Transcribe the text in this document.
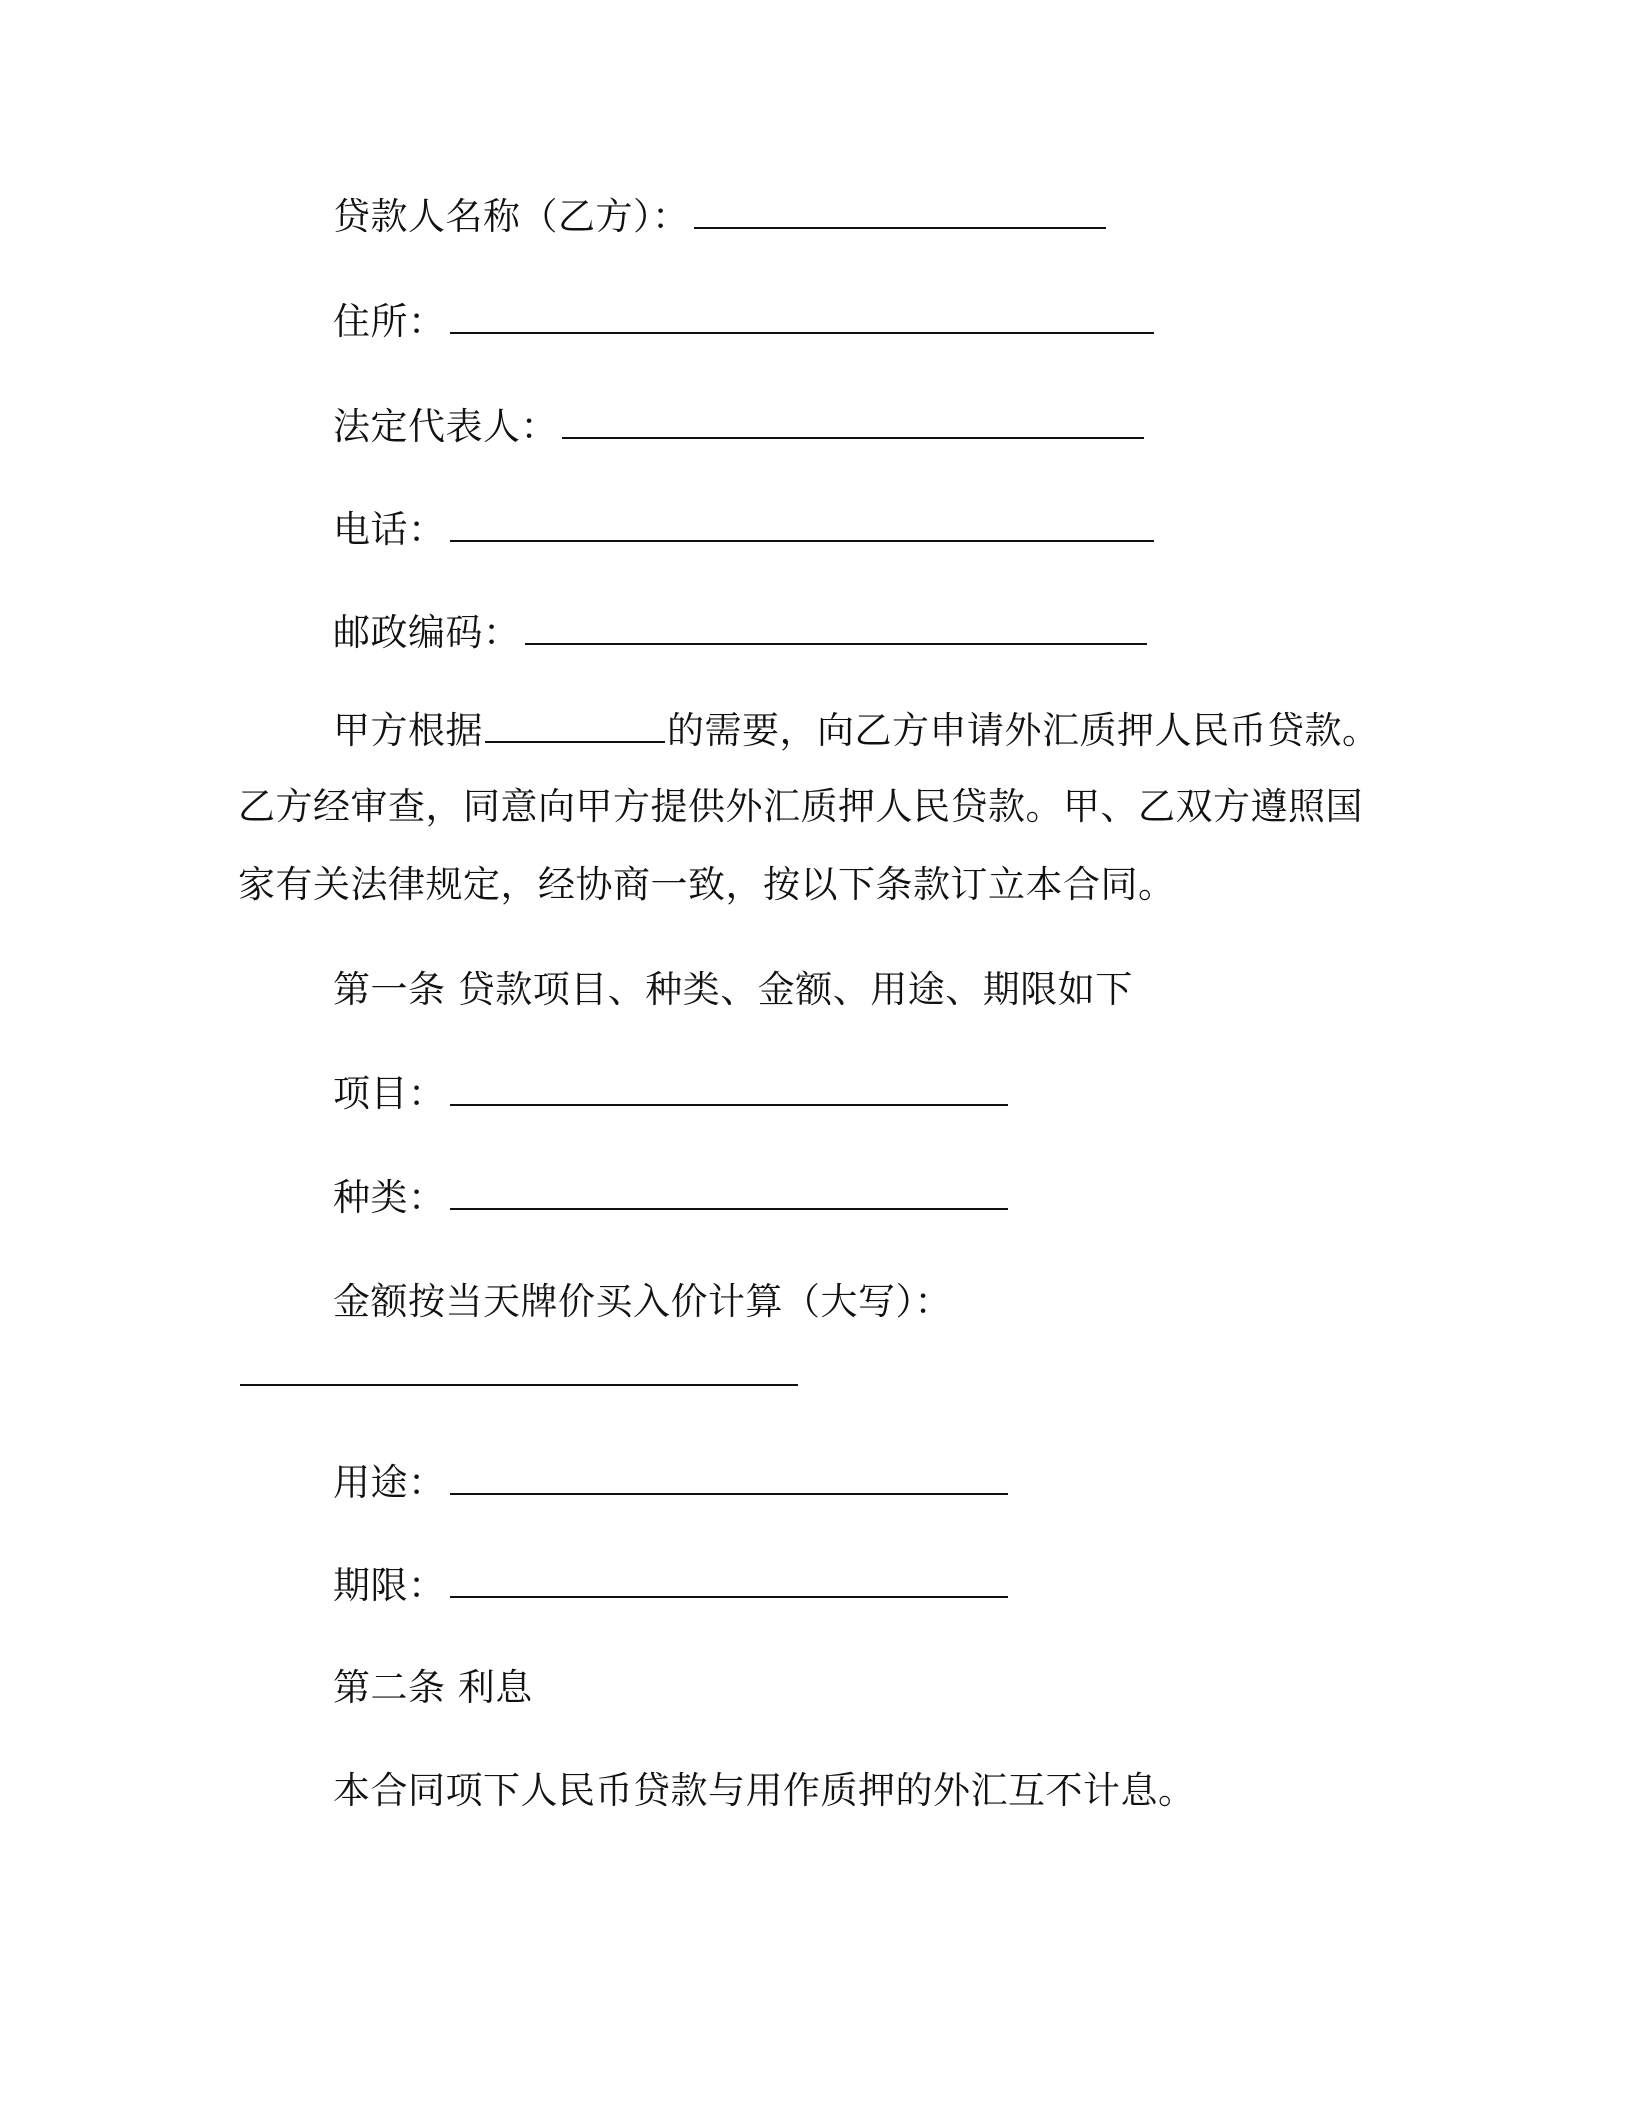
贷款人名称（乙方）：
住所：
法定代表人：
电话：
邮政编码：
甲方根据	的需要，向乙方申请外汇质押人民币贷款。
乙方经审查，同意向甲方提供外汇质押人民贷款。甲、乙双方遵照国
家有关法律规定，经协商一致，按以下条款订立本合同。
第一条 贷款项目、种类、金额、用途、期限如下
项目：
种类：
金额按当天牌价买入价计算（大写）：
用途：
期限：
第二条 利息
本合同项下人民币贷款与用作质押的外汇互不计息。
